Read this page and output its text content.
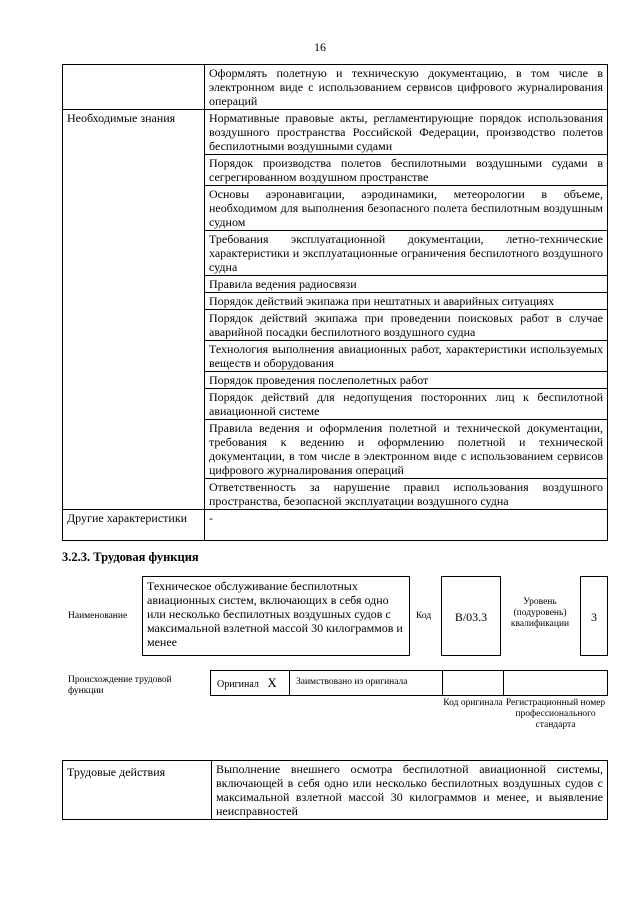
16
	Оформлять полетную и техническую документацию, в том числе в электронном виде с использованием сервисов цифрового журналирования операций
Необходимые знания	Нормативные правовые акты, регламентирующие порядок использования воздушного пространства Российской Федерации, производство полетов беспилотными воздушными судами
	Порядок производства полетов беспилотными воздушными судами в сегрегированном воздушном пространстве
	Основы аэронавигации, аэродинамики, метеорологии в объеме, необходимом для выполнения безопасного полета беспилотным воздушным судном
	Требования эксплуатационной документации, летно-технические характеристики и эксплуатационные ограничения беспилотного воздушного судна
	Правила ведения радиосвязи
	Порядок действий экипажа при нештатных и аварийных ситуациях
	Порядок действий экипажа при проведении поисковых работ в случае аварийной посадки беспилотного воздушного судна
	Технология выполнения авиационных работ, характеристики используемых веществ и оборудования
	Порядок проведения послеполетных работ
	Порядок действий для недопущения посторонних лиц к беспилотной авиационной системе
	Правила ведения и оформления полетной и технической документации, требования к ведению и оформлению полетной и технической документации, в том числе в электронном виде с использованием сервисов цифрового журналирования операций
	Ответственность за нарушение правил использования воздушного пространства, безопасной эксплуатации воздушного судна
Другие характеристики	-
3.2.3. Трудовая функция
Наименование
Техническое обслуживание беспилотных авиационных систем, включающих в себя одно или несколько беспилотных воздушных судов с максимальной взлетной массой 30 килограммов и менее
Код	B/03.3
Уровень (подуровень) квалификации	3
Происхождение трудовой функции
Оригинал X	Заимствовано из оригинала
Код оригинала Регистрационный номер профессионального стандарта
Трудовые действия	Выполнение внешнего осмотра беспилотной авиационной системы, включающей в себя одно или несколько беспилотных воздушных судов с максимальной взлетной массой 30 килограммов и менее, и выявление неисправностей
